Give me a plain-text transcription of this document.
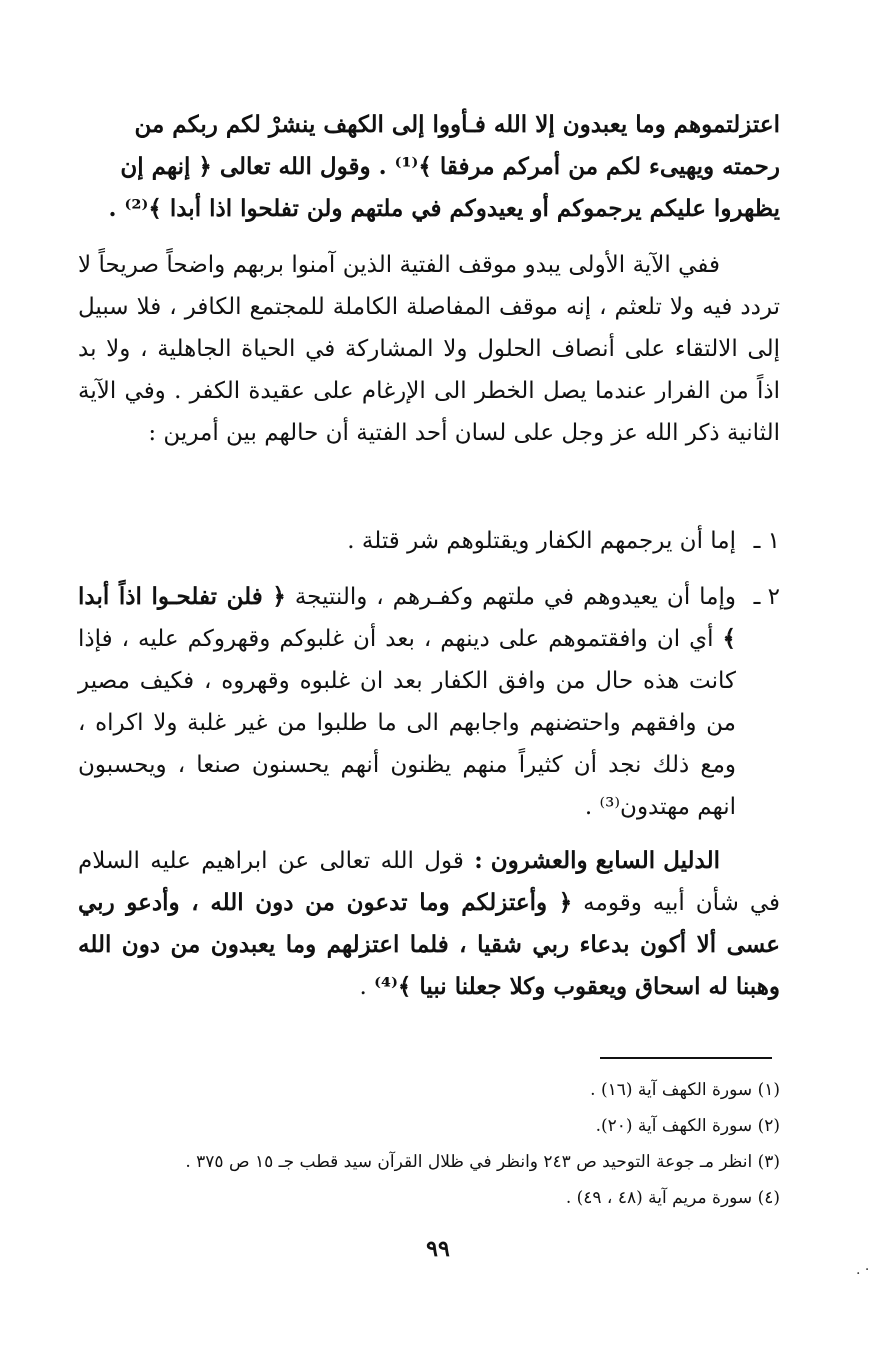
اعتزلتموهم وما يعبدون إلا الله فـأووا إلى الكهف ينشرْ لكم ربكم من
رحمته ويهيىء لكم من أمركم مرفقا ﴾⁽¹⁾ . وقول الله تعالى ﴿ إنهم إن
يظهروا عليكم يرجموكم أو يعيدوكم في ملتهم ولن تفلحوا اذا أبدا ﴾⁽²⁾ .
ففي الآية الأولى يبدو موقف الفتية الذين آمنوا بربهم واضحاً صريحاً لا تردد فيه ولا تلعثم ، إنه موقف المفاصلة الكاملة للمجتمع الكافر ، فلا سبيل إلى الالتقاء على أنصاف الحلول ولا المشاركة في الحياة الجاهلية ، ولا بد اذاً من الفرار عندما يصل الخطر الى الإرغام على عقيدة الكفر . وفي الآية الثانية ذكر الله عز وجل على لسان أحد الفتية أن حالهم بين أمرين :
١ ـ
إما أن يرجمهم الكفار ويقتلوهم شر قتلة .
٢ ـ
وإما أن يعيدوهم في ملتهم وكفـرهم ، والنتيجة ﴿ فلن تفلحـوا اذاً أبدا ﴾ أي ان وافقتموهم على دينهم ، بعد أن غلبوكم وقهروكم عليه ، فإذا كانت هذه حال من وافق الكفار بعد ان غلبوه وقهروه ، فكيف مصير من وافقهم واحتضنهم واجابهم الى ما طلبوا من غير غلبة ولا اكراه ، ومع ذلك نجد أن كثيراً منهم يظنون أنهم يحسنون صنعا ، ويحسبون انهم مهتدون⁽³⁾ .
الدليل السابع والعشرون : قول الله تعالى عن ابراهيم عليه السلام في شأن أبيه وقومه ﴿ وأعتزلكم وما تدعون من دون الله ، وأدعو ربي عسى ألا أكون بدعاء ربي شقيا ، فلما اعتزلهم وما يعبدون من دون الله وهبنا له اسحاق ويعقوب وكلا جعلنا نبيا ﴾⁽⁴⁾ .
(١) سورة الكهف آية (١٦) .
(٢) سورة الكهف آية (٢٠).
(٣) انظر مـ جوعة التوحيد ص ٢٤٣ وانظر في ظلال القرآن سيد قطب جـ ١٥ ص ٣٧٥ .
(٤) سورة مريم آية (٤٨ ، ٤٩) .
٩٩
. ·
